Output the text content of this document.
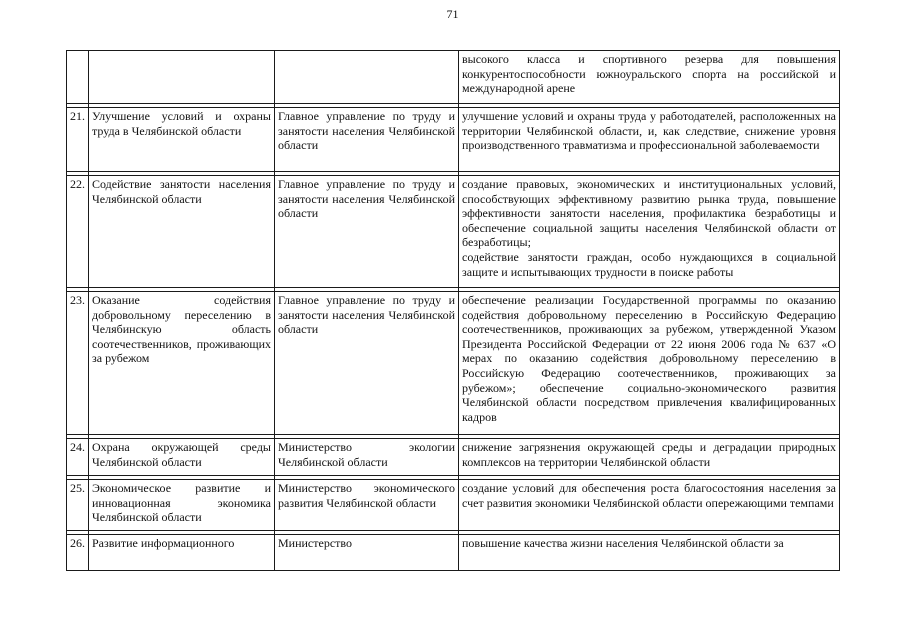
71
			высокого класса и спортивного резерва для повышения конкурентоспособности южноуральского спорта на российской и международной арене

21.	Улучшение условий и охраны труда в Челябинской области	Главное управление по труду и занятости населения Челябинской области	улучшение условий и охраны труда у работодателей, расположенных на территории Челябинской области, и, как следствие, снижение уровня производственного травматизма и профессиональной заболеваемости

22.	Содействие занятости населения Челябинской области	Главное управление по труду и занятости населения Челябинской области	создание правовых, экономических и институциональных условий, способствующих эффективному развитию рынка труда, повышение эффективности занятости населения, профилактика безработицы и обеспечение социальной защиты населения Челябинской области от безработицы;
содействие занятости граждан, особо нуждающихся в социальной защите и испытывающих трудности в поиске работы

23.	Оказание содействия добровольному переселению в Челябинскую область соотечественников, проживающих за рубежом	Главное управление по труду и занятости населения Челябинской области	обеспечение реализации Государственной программы по оказанию содействия добровольному переселению в Российскую Федерацию соотечественников, проживающих за рубежом, утвержденной Указом Президента Российской Федерации от 22 июня 2006 года № 637 «О мерах по оказанию содействия добровольному переселению в Российскую Федерацию соотечественников, проживающих за рубежом»; обеспечение социально-экономического развития Челябинской области посредством привлечения квалифицированных кадров

24.	Охрана окружающей среды Челябинской области	Министерство экологии Челябинской области	снижение загрязнения окружающей среды и деградации природных комплексов на территории Челябинской области

25.	Экономическое развитие и инновационная экономика Челябинской области	Министерство экономического развития Челябинской области	создание условий для обеспечения роста благосостояния населения за счет развития экономики Челябинской области опережающими темпами

26.	Развитие информационного	Министерство	повышение качества жизни населения Челябинской области за
